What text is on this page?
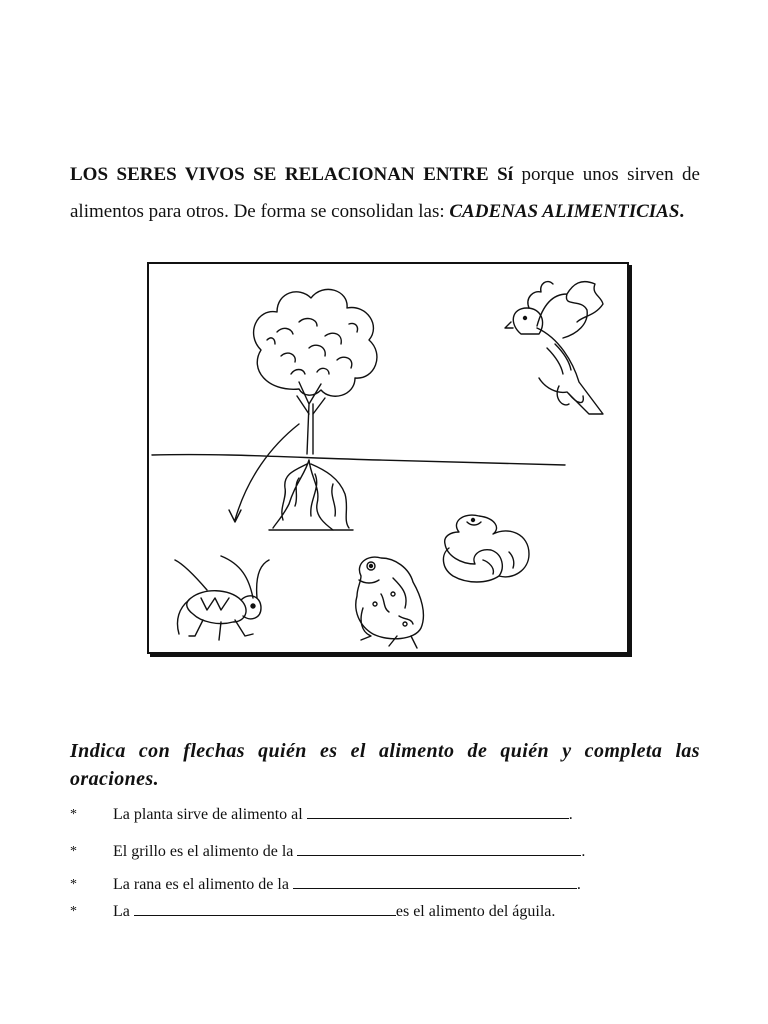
LOS SERES VIVOS SE RELACIONAN ENTRE Sí porque unos sirven de alimentos para otros. De forma se consolidan las: CADENAS ALIMENTICIAS.
Indica con flechas quién es el alimento de quién y completa las oraciones.
* La planta sirve de alimento al	.
* El grillo es el alimento de la	.
* La rana es el alimento de la	.
* La	es el alimento del águila.
